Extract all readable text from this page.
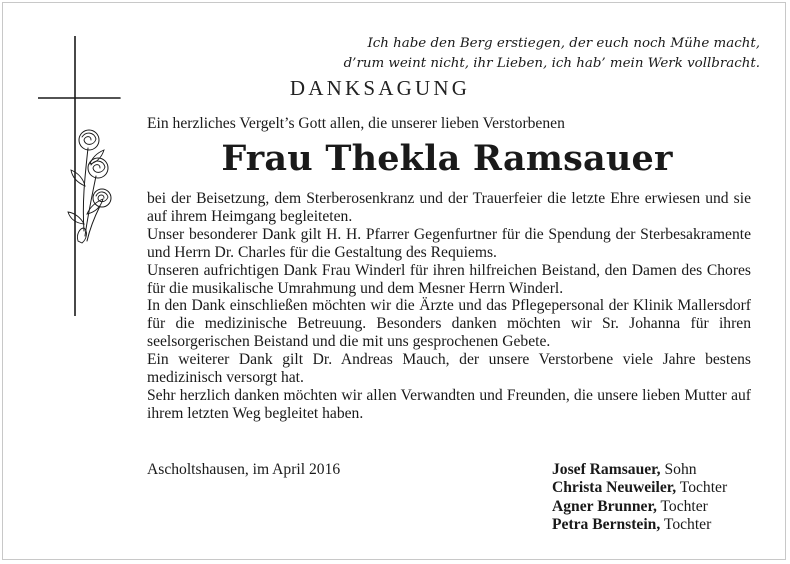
Ich habe den Berg erstiegen, der euch noch Mühe macht,
d’rum weint nicht, ihr Lieben, ich hab’ mein Werk vollbracht.

DANKSAGUNG

Ein herzliches Vergelt’s Gott allen, die unserer lieben Verstorbenen

Frau Thekla Ramsauer

bei der Beisetzung, dem Sterberosenkranz und der Trauerfeier die letzte Ehre erwiesen und sie auf ihrem Heimgang begleiteten.

Unser besonderer Dank gilt H. H. Pfarrer Gegenfurtner für die Spendung der Sterbesakramente und Herrn Dr. Charles für die Gestaltung des Requiems.

Unseren aufrichtigen Dank Frau Winderl für ihren hilfreichen Beistand, den Damen des Chores für die musikalische Umrahmung und dem Mesner Herrn Winderl.

In den Dank einschließen möchten wir die Ärzte und das Pflegepersonal der Klinik Mallersdorf für die medizinische Betreuung. Besonders danken möchten wir Sr. Johanna für ihren seelsorgerischen Beistand und die mit uns gesprochenen Gebete.

Ein weiterer Dank gilt Dr. Andreas Mauch, der unsere Verstorbene viele Jahre bestens medizinisch versorgt hat.

Sehr herzlich danken möchten wir allen Verwandten und Freunden, die unsere lieben Mutter auf ihrem letzten Weg begleitet haben.

Ascholtshausen, im April 2016	Josef Ramsauer, Sohn
Christa Neuweiler, Tochter
Agner Brunner, Tochter
Petra Bernstein, Tochter
